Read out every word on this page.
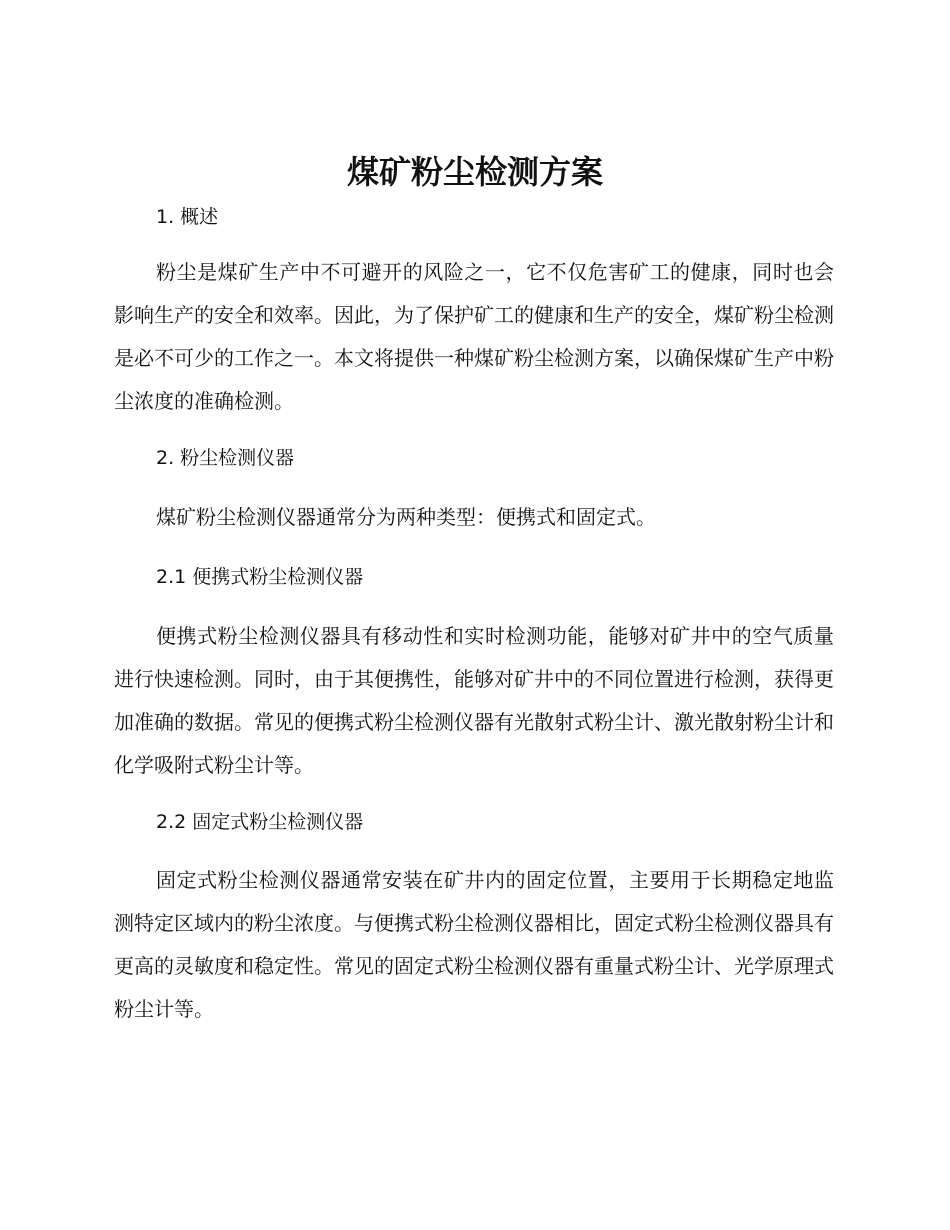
煤矿粉尘检测方案
1. 概述

粉尘是煤矿生产中不可避开的风险之一，它不仅危害矿工的健康，同时也会影响生产的安全和效率。因此，为了保护矿工的健康和生产的安全，煤矿粉尘检测是必不可少的工作之一。本文将提供一种煤矿粉尘检测方案，以确保煤矿生产中粉尘浓度的准确检测。

2. 粉尘检测仪器

煤矿粉尘检测仪器通常分为两种类型：便携式和固定式。

2.1 便携式粉尘检测仪器

便携式粉尘检测仪器具有移动性和实时检测功能，能够对矿井中的空气质量进行快速检测。同时，由于其便携性，能够对矿井中的不同位置进行检测，获得更加准确的数据。常见的便携式粉尘检测仪器有光散射式粉尘计、激光散射粉尘计和化学吸附式粉尘计等。

2.2 固定式粉尘检测仪器

固定式粉尘检测仪器通常安装在矿井内的固定位置，主要用于长期稳定地监测特定区域内的粉尘浓度。与便携式粉尘检测仪器相比，固定式粉尘检测仪器具有更高的灵敏度和稳定性。常见的固定式粉尘检测仪器有重量式粉尘计、光学原理式粉尘计等。
